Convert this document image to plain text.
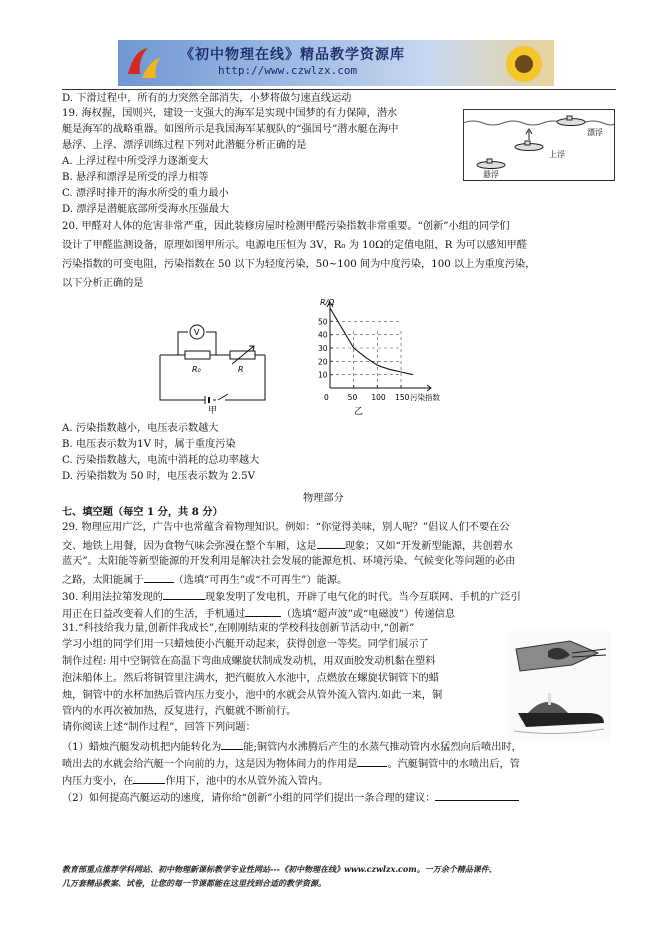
《初中物理在线》精品教学资源库
http://www.czwlzx.com
D. 下滑过程中，所有的力突然全部消失，小梦将做匀速直线运动
19. 海权握，国则兴，建设一支强大的海军是实现中国梦的有力保障，潜水
艇是海军的战略重器。如图所示是我国海军某舰队的“强国号”潜水艇在海中
悬浮、上浮、漂浮训练过程下列对此潜艇分析正确的是
A. 上浮过程中所受浮力逐渐变大
B. 悬浮和漂浮是所受的浮力相等
C. 漂浮时排开的海水所受的重力最小
D. 漂浮是潜艇底部所受海水压强最大
漂浮
上浮
悬浮
20. 甲醛对人体的危害非常严重，因此装修房屋时检测甲醛污染指数非常重要。“创新”小组的同学们
设计了甲醛监测设备，原理如图甲所示。电源电压恒为 3V，R₀ 为 10Ω的定值电阻，R 为可以感知甲醛
污染指数的可变电阻，污染指数在 50 以下为轻度污染，50~100 间为中度污染，100 以上为重度污染，
以下分析正确的是
V
R₀	R
甲
10
20
30
40
50
50 100 150
R/Ω
污染指数
0
乙
A. 污染指数越小，电压表示数越大
B. 电压表示数为1V 时，属于重度污染
C. 污染指数越大，电流中消耗的总功率越大
D. 污染指数为 50 时，电压表示数为 2.5V
物理部分
七、填空题（每空 1 分，共 8 分）
29. 物理应用广泛，广告中也常蕴含着物理知识。例如：“你觉得美味，别人呢？”倡议人们不要在公
交、地铁上用餐，因为食物气味会弥漫在整个车厢，这是	现象；又如“开发新型能源，共创碧水
蓝天”。太阳能等新型能源的开发利用是解决社会发展的能源危机、环境污染、气候变化等问题的必由
之路，太阳能属于	（选填“可再生”或“不可再生”）能源。
30. 利用法拉第发现的	现象发明了发电机，开辟了电气化的时代。当今互联网、手机的广泛引
用正在日益改变着人们的生活，手机通过	（选填“超声波”或“电磁波”）传递信息
31.“科技给我力量,创新伴我成长”,在刚刚结束的学校科技创新节活动中,“创新”
学习小组的同学们用一只蜡烛使小汽艇开动起来，获得创意一等奖。同学们展示了
制作过程: 用中空铜管在高温下弯曲成螺旋状制成发动机，用双面胶发动机黏在塑料
泡沫船体上。然后将铜管里注满水，把汽艇放入水池中，点燃放在螺旋状铜管下的蜡
烛，铜管中的水杯加热后管内压力变小，池中的水就会从管外流入管内.如此一来，铜
管内的水再次被加热，反复进行，汽艇就不断前行。
请你阅读上述“制作过程”，回答下列问题：
（1）蜡烛汽艇发动机把内能转化为 能;铜管内水沸腾后产生的水蒸气推动管内水猛烈向后喷出时，
喷出去的水就会给汽艇一个向前的力，这是因为物体间力的作用是	。汽艇铜管中的水喷出后，管
内压力变小，在	作用下，池中的水从管外流入管内。
（2）如何提高汽艇运动的速度，请你给“创新”小组的同学们提出一条合理的建议：
教育部重点推荐学科网站、初中物理新课标教学专业性网站---《初中物理在线》www.czwlzx.com。一万余个精品课件、
几万套精品教案、试卷，让您的每一节课都能在这里找到合适的教学资源。
